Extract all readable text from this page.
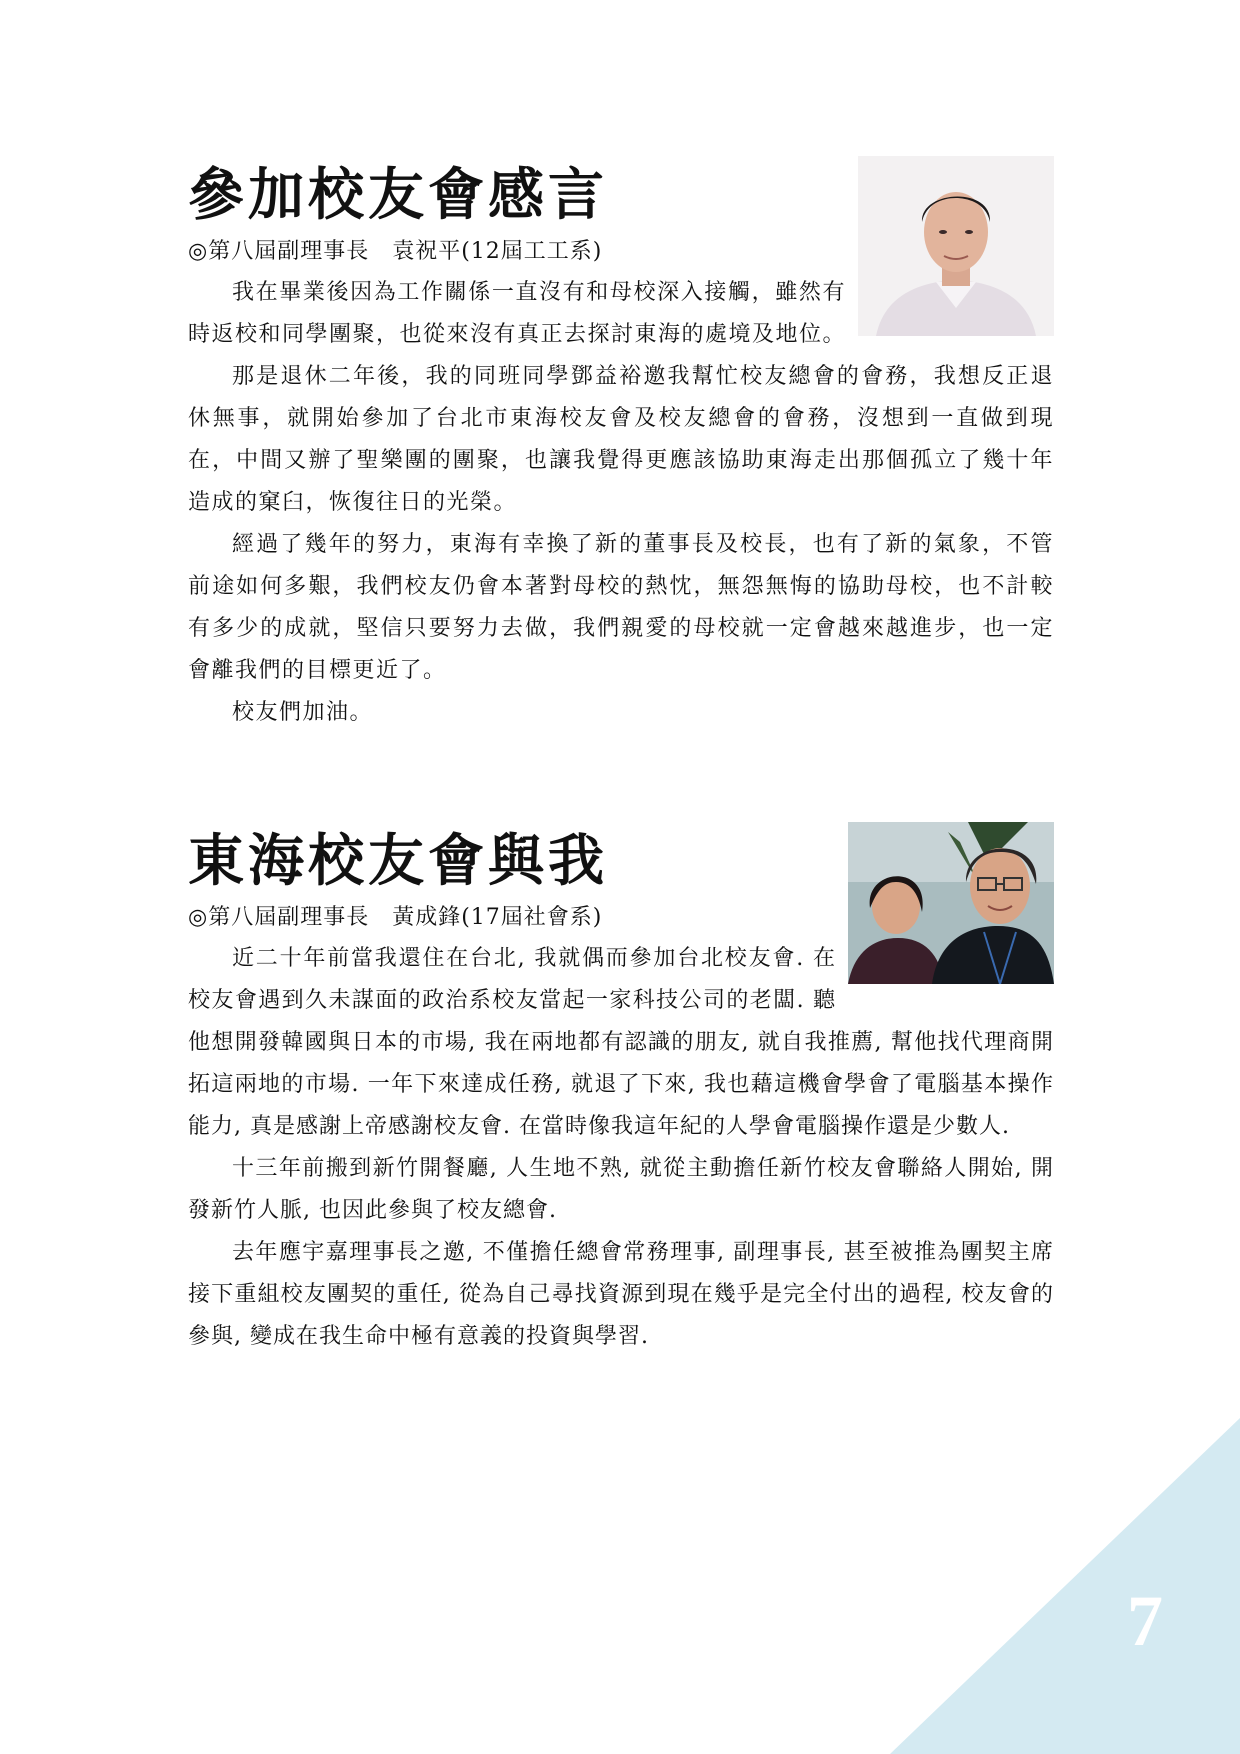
7
參加校友會感言

◎第八屆副理事長　袁祝平(12屆工工系)

我在畢業後因為工作關係一直沒有和母校深入接觸，雖然有時返校和同學團聚，也從來沒有真正去探討東海的處境及地位。

那是退休二年後，我的同班同學鄧益裕邀我幫忙校友總會的會務，我想反正退休無事，就開始參加了台北市東海校友會及校友總會的會務，沒想到一直做到現在，中間又辦了聖樂團的團聚，也讓我覺得更應該協助東海走出那個孤立了幾十年造成的窠臼，恢復往日的光榮。

經過了幾年的努力，東海有幸換了新的董事長及校長，也有了新的氣象，不管前途如何多艱，我們校友仍會本著對母校的熱忱，無怨無悔的協助母校，也不計較有多少的成就，堅信只要努力去做，我們親愛的母校就一定會越來越進步，也一定會離我們的目標更近了。

校友們加油。

東海校友會與我

◎第八屆副理事長　黃成鋒(17屆社會系)

近二十年前當我還住在台北, 我就偶而參加台北校友會. 在校友會遇到久未謀面的政治系校友當起一家科技公司的老闆. 聽他想開發韓國與日本的市場, 我在兩地都有認識的朋友, 就自我推薦, 幫他找代理商開拓這兩地的市場. 一年下來達成任務, 就退了下來, 我也藉這機會學會了電腦基本操作能力, 真是感謝上帝感謝校友會. 在當時像我這年紀的人學會電腦操作還是少數人.

十三年前搬到新竹開餐廳, 人生地不熟, 就從主動擔任新竹校友會聯絡人開始, 開發新竹人脈, 也因此參與了校友總會.

去年應宇嘉理事長之邀, 不僅擔任總會常務理事, 副理事長, 甚至被推為團契主席接下重組校友團契的重任, 從為自己尋找資源到現在幾乎是完全付出的過程, 校友會的參與, 變成在我生命中極有意義的投資與學習.
